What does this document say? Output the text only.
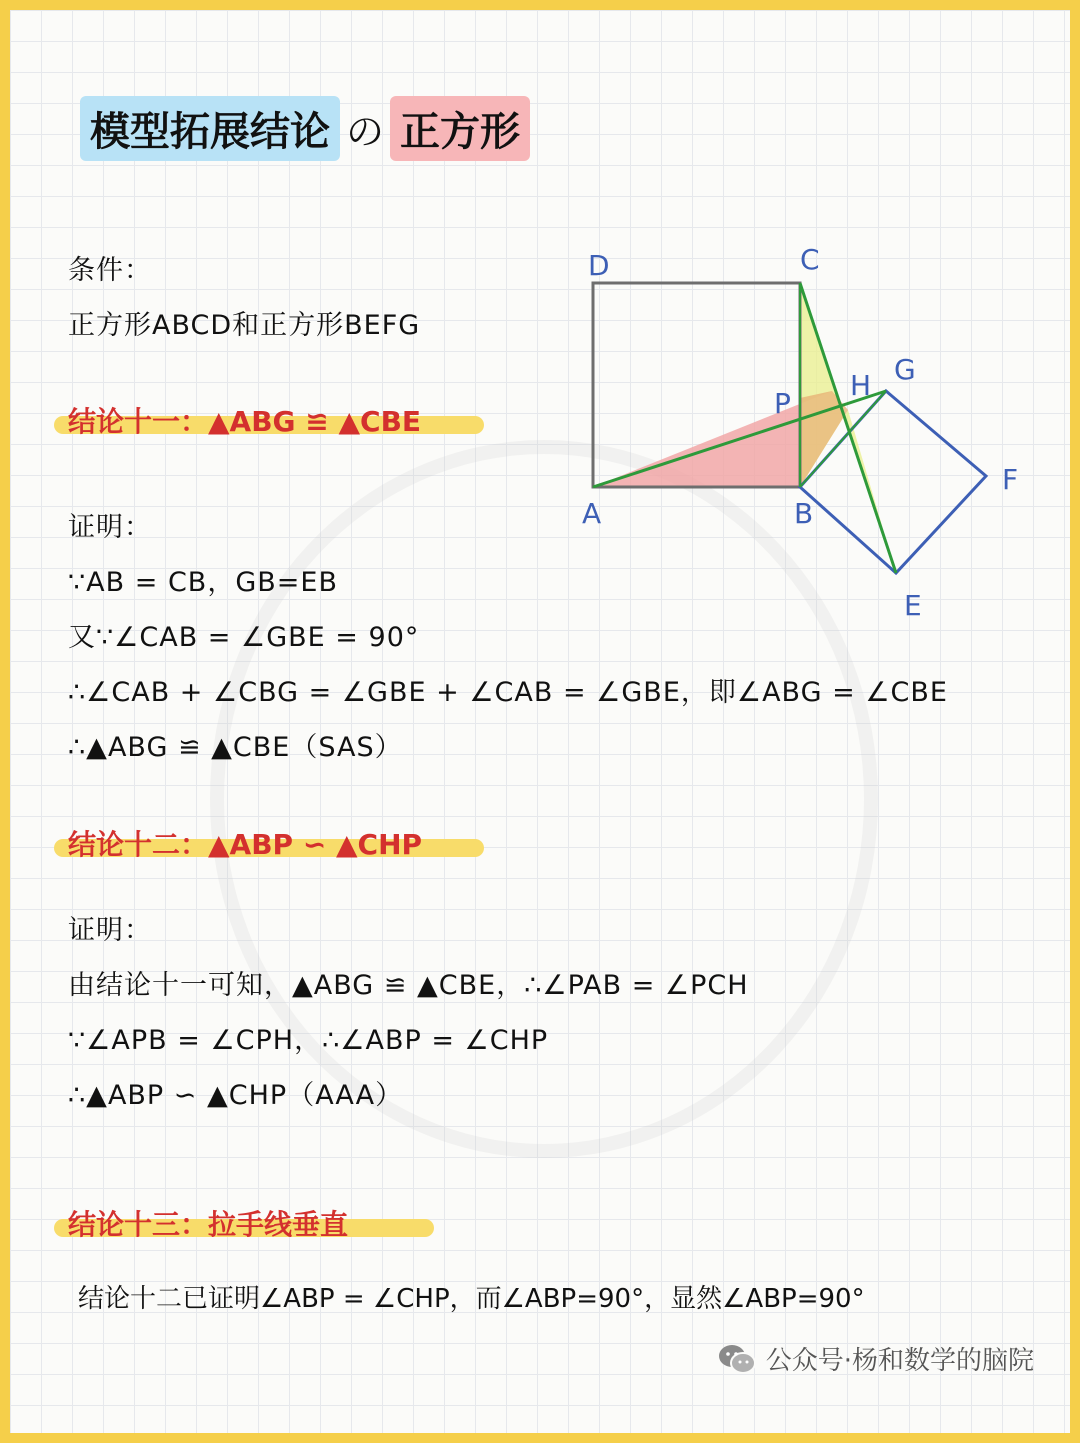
模型拓展结论 の 正方形
条件：
正方形ABCD和正方形BEFG
结论十一：▲ABG ≌ ▲CBE
证明：
∵AB = CB，GB=EB
又∵∠CAB = ∠GBE = 90°
∴∠CAB + ∠CBG = ∠GBE + ∠CAB = ∠GBE，即∠ABG = ∠CBE
∴▲ABG ≌ ▲CBE（SAS）
结论十二：▲ABP ∽ ▲CHP
证明：
由结论十一可知，▲ABG ≌ ▲CBE，∴∠PAB = ∠PCH
∵∠APB = ∠CPH，∴∠ABP = ∠CHP
∴▲ABP ∽ ▲CHP（AAA）
结论十三：拉手线垂直
结论十二已证明∠ABP = ∠CHP，而∠ABP=90°，显然∠ABP=90°
D	C
G
H
P
F
A	B
E
公众号·杨和数学的脑院
